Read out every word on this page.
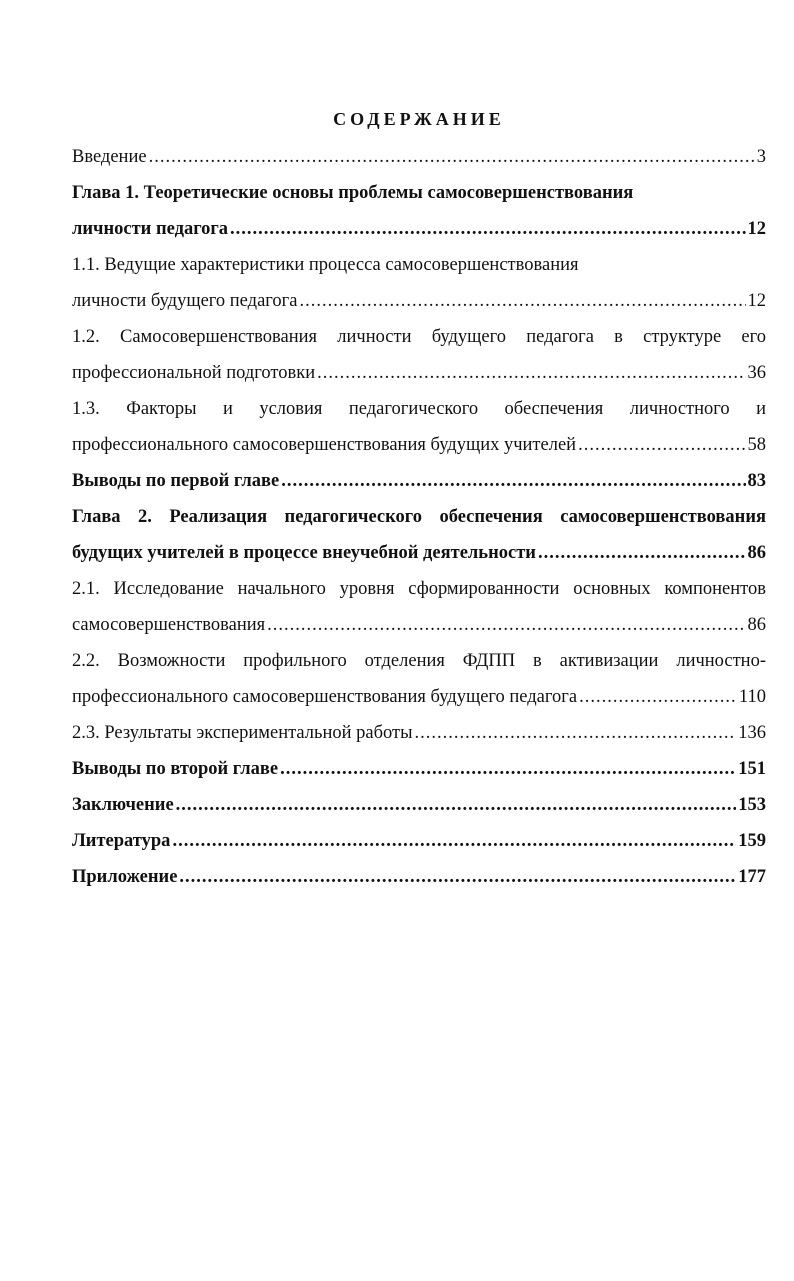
СОДЕРЖАНИЕ
Введение .....	3
Глава 1. Теоретические основы проблемы самосовершенствования
личности педагога .....	12
1.1. Ведущие характеристики процесса самосовершенствования
личности будущего педагога .....	12
1.2. Самосовершенствования личности будущего педагога в структуре его
профессиональной подготовки .....	36
1.3. Факторы и условия педагогического обеспечения личностного и
профессионального самосовершенствования будущих учителей .....	58
Выводы по первой главе .....	83
Глава 2. Реализация педагогического обеспечения самосовершенствования
будущих учителей в процессе внеучебной деятельности .....	86
2.1. Исследование начального уровня сформированности основных компонентов
самосовершенствования .....	86
2.2. Возможности профильного отделения ФДПП в активизации личностно-
профессионального самосовершенствования будущего педагога .....	110
2.3. Результаты экспериментальной работы .....	136
Выводы по второй главе .....	151
Заключение .....	153
Литература .....	159
Приложение .....	177
